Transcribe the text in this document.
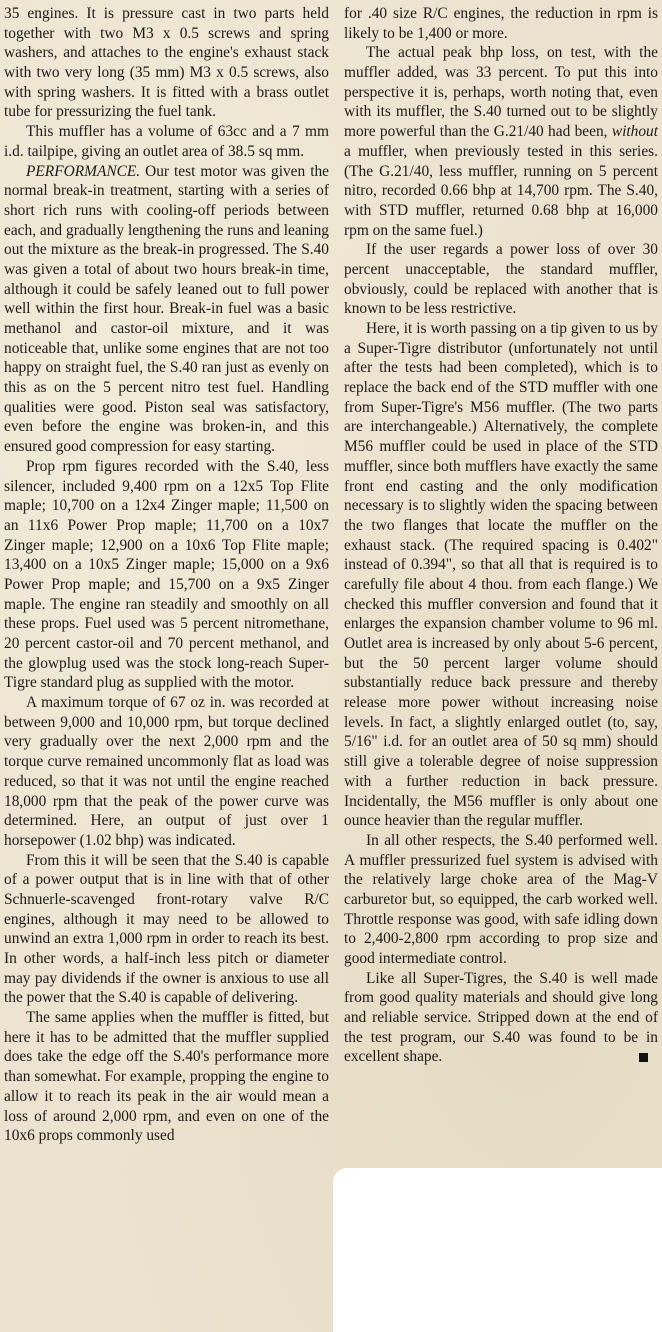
35 engines. It is pressure cast in two parts held together with two M3 x 0.5 screws and spring washers, and attaches to the engine's exhaust stack with two very long (35 mm) M3 x 0.5 screws, also with spring washers. It is fitted with a brass outlet tube for pressurizing the fuel tank.

This muffler has a volume of 63cc and a 7 mm i.d. tailpipe, giving an outlet area of 38.5 sq mm.

PERFORMANCE. Our test motor was given the normal break-in treatment, starting with a series of short rich runs with cooling-off periods between each, and gradually lengthening the runs and leaning out the mixture as the break-in progressed. The S.40 was given a total of about two hours break-in time, although it could be safely leaned out to full power well within the first hour. Break-in fuel was a basic methanol and castor-oil mixture, and it was noticeable that, unlike some engines that are not too happy on straight fuel, the S.40 ran just as evenly on this as on the 5 percent nitro test fuel. Handling qualities were good. Piston seal was satisfactory, even before the engine was broken-in, and this ensured good compression for easy starting.

Prop rpm figures recorded with the S.40, less silencer, included 9,400 rpm on a 12x5 Top Flite maple; 10,700 on a 12x4 Zinger maple; 11,500 on an 11x6 Power Prop maple; 11,700 on a 10x7 Zinger maple; 12,900 on a 10x6 Top Flite maple; 13,400 on a 10x5 Zinger maple; 15,000 on a 9x6 Power Prop maple; and 15,700 on a 9x5 Zinger maple. The engine ran steadily and smoothly on all these props. Fuel used was 5 percent nitromethane, 20 percent castor-oil and 70 percent methanol, and the glowplug used was the stock long-reach Super-Tigre standard plug as supplied with the motor.

A maximum torque of 67 oz in. was recorded at between 9,000 and 10,000 rpm, but torque declined very gradually over the next 2,000 rpm and the torque curve remained uncommonly flat as load was reduced, so that it was not until the engine reached 18,000 rpm that the peak of the power curve was determined. Here, an output of just over 1 horsepower (1.02 bhp) was indicated.

From this it will be seen that the S.40 is capable of a power output that is in line with that of other Schnuerle-scavenged front-rotary valve R/C engines, although it may need to be allowed to unwind an extra 1,000 rpm in order to reach its best. In other words, a half-inch less pitch or diameter may pay dividends if the owner is anxious to use all the power that the S.40 is capable of delivering.

The same applies when the muffler is fitted, but here it has to be admitted that the muffler supplied does take the edge off the S.40's performance more than somewhat. For example, propping the engine to allow it to reach its peak in the air would mean a loss of around 2,000 rpm, and even on one of the 10x6 props commonly used

for .40 size R/C engines, the reduction in rpm is likely to be 1,400 or more.

The actual peak bhp loss, on test, with the muffler added, was 33 percent. To put this into perspective it is, perhaps, worth noting that, even with its muffler, the S.40 turned out to be slightly more powerful than the G.21/40 had been, without a muffler, when previously tested in this series. (The G.21/40, less muffler, running on 5 percent nitro, recorded 0.66 bhp at 14,700 rpm. The S.40, with STD muffler, returned 0.68 bhp at 16,000 rpm on the same fuel.)

If the user regards a power loss of over 30 percent unacceptable, the standard muffler, obviously, could be replaced with another that is known to be less restrictive.

Here, it is worth passing on a tip given to us by a Super-Tigre distributor (unfortunately not until after the tests had been completed), which is to replace the back end of the STD muffler with one from Super-Tigre's M56 muffler. (The two parts are interchangeable.) Alternatively, the complete M56 muffler could be used in place of the STD muffler, since both mufflers have exactly the same front end casting and the only modification necessary is to slightly widen the spacing between the two flanges that locate the muffler on the exhaust stack. (The required spacing is 0.402" instead of 0.394", so that all that is required is to carefully file about 4 thou. from each flange.) We checked this muffler conversion and found that it enlarges the expansion chamber volume to 96 ml. Outlet area is increased by only about 5-6 percent, but the 50 percent larger volume should substantially reduce back pressure and thereby release more power without increasing noise levels. In fact, a slightly enlarged outlet (to, say, 5/16" i.d. for an outlet area of 50 sq mm) should still give a tolerable degree of noise suppression with a further reduction in back pressure. Incidentally, the M56 muffler is only about one ounce heavier than the regular muffler.

In all other respects, the S.40 performed well. A muffler pressurized fuel system is advised with the relatively large choke area of the Mag-V carburetor but, so equipped, the carb worked well. Throttle response was good, with safe idling down to 2,400-2,800 rpm according to prop size and good intermediate control.

Like all Super-Tigres, the S.40 is well made from good quality materials and should give long and reliable service. Stripped down at the end of the test program, our S.40 was found to be in excellent shape.
